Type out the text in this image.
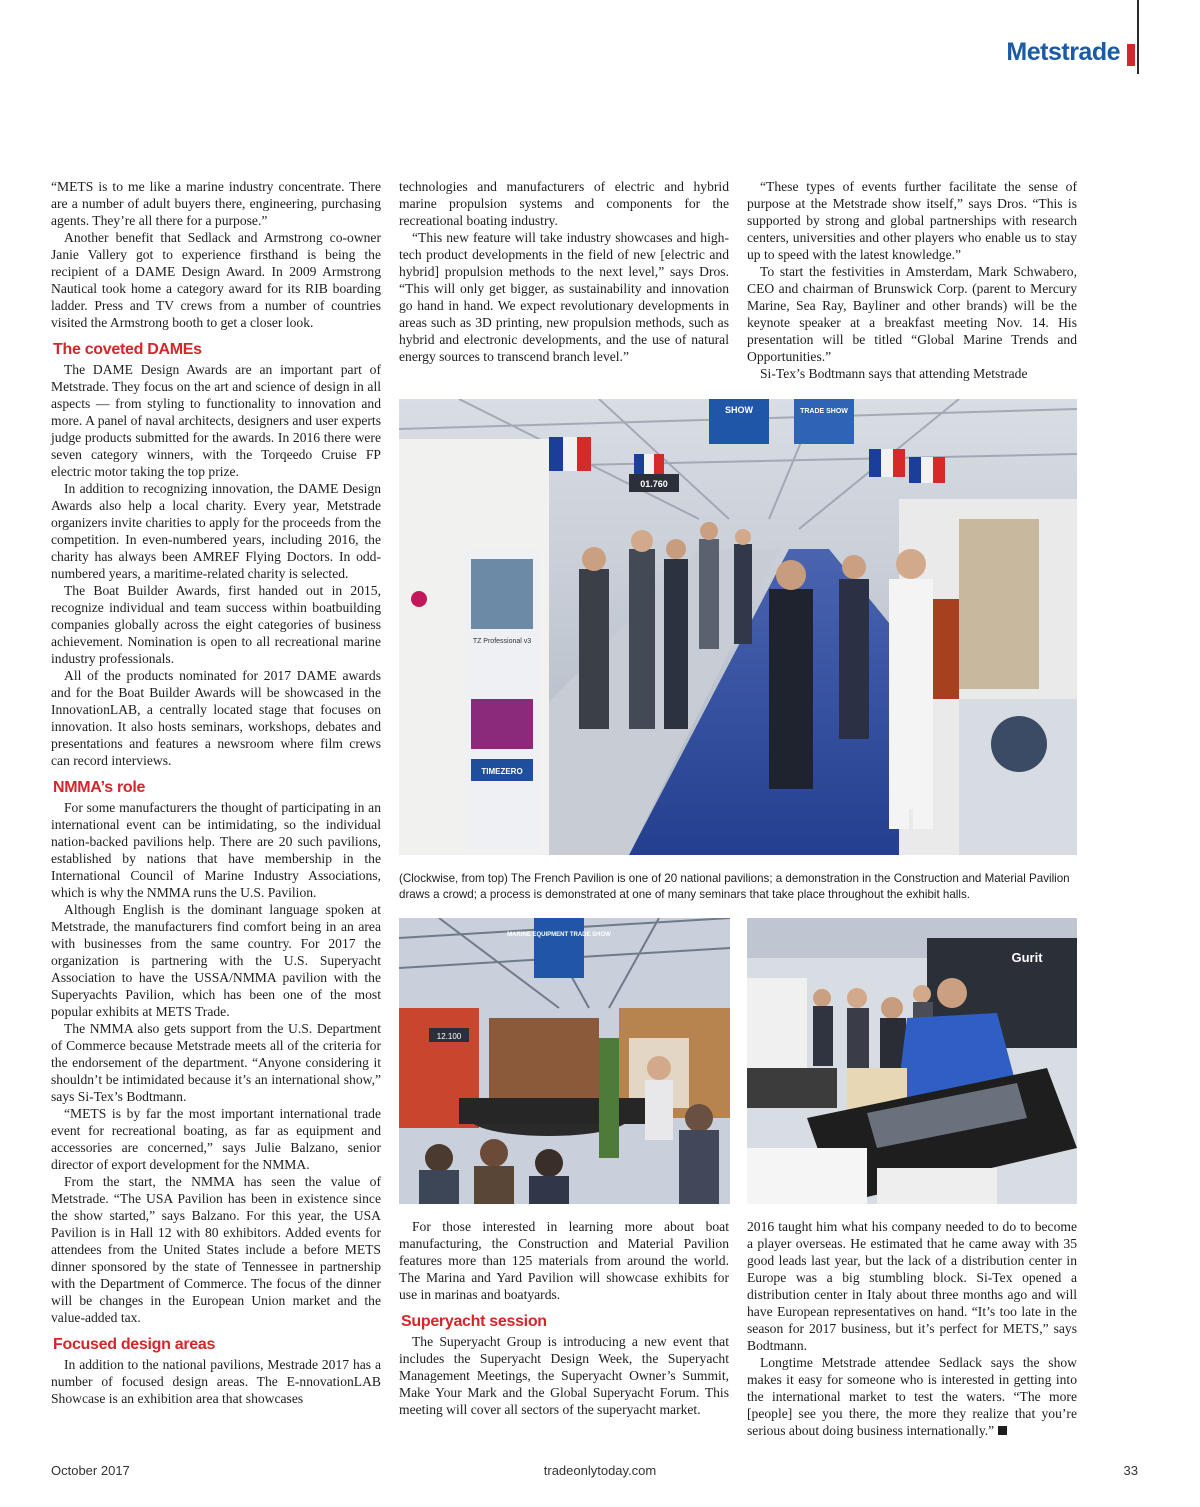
Metstrade

“METS is to me like a marine industry concentrate. There are a number of adult buyers there, engineering, purchasing agents. They’re all there for a purpose.”

Another benefit that Sedlack and Armstrong co-owner Janie Vallery got to experience firsthand is being the recipient of a DAME Design Award. In 2009 Armstrong Nautical took home a category award for its RIB boarding ladder. Press and TV crews from a number of countries visited the Armstrong booth to get a closer look.

The coveted DAMEs

The DAME Design Awards are an important part of Metstrade. They focus on the art and science of design in all aspects — from styling to functionality to innovation and more. A panel of naval architects, designers and user experts judge products submitted for the awards. In 2016 there were seven category winners, with the Torqeedo Cruise FP electric motor taking the top prize.

In addition to recognizing innovation, the DAME Design Awards also help a local charity. Every year, Metstrade organizers invite charities to apply for the proceeds from the competition. In even-numbered years, including 2016, the charity has always been AMREF Flying Doctors. In odd-numbered years, a maritime-related charity is selected.

The Boat Builder Awards, first handed out in 2015, recognize individual and team success within boatbuilding companies globally across the eight categories of business achievement. Nomination is open to all recreational marine industry professionals.

All of the products nominated for 2017 DAME awards and for the Boat Builder Awards will be showcased in the InnovationLAB, a centrally located stage that focuses on innovation. It also hosts seminars, workshops, debates and presentations and features a newsroom where film crews can record interviews.

NMMA’s role

For some manufacturers the thought of participating in an international event can be intimidating, so the individual nation-backed pavilions help. There are 20 such pavilions, established by nations that have membership in the International Council of Marine Industry Associations, which is why the NMMA runs the U.S. Pavilion.

Although English is the dominant language spoken at Metstrade, the manufacturers find comfort being in an area with businesses from the same country. For 2017 the organization is partnering with the U.S. Superyacht Association to have the USSA/NMMA pavilion with the Superyachts Pavilion, which has been one of the most popular exhibits at METS Trade.

The NMMA also gets support from the U.S. Department of Commerce because Metstrade meets all of the criteria for the endorsement of the department. “Anyone considering it shouldn’t be intimidated because it’s an international show,” says Si-Tex’s Bodtmann.

“METS is by far the most important international trade event for recreational boating, as far as equipment and accessories are concerned,” says Julie Balzano, senior director of export development for the NMMA.

From the start, the NMMA has seen the value of Metstrade. “The USA Pavilion has been in existence since the show started,” says Balzano. For this year, the USA Pavilion is in Hall 12 with 80 exhibitors. Added events for attendees from the United States include a before METS dinner sponsored by the state of Tennessee in partnership with the Department of Commerce. The focus of the dinner will be changes in the European Union market and the value-added tax.

Focused design areas

In addition to the national pavilions, Mestrade 2017 has a number of focused design areas. The E-nnovationLAB Showcase is an exhibition area that showcases

technologies and manufacturers of electric and hybrid marine propulsion systems and components for the recreational boating industry.

“This new feature will take industry showcases and high-tech product developments in the field of new [electric and hybrid] propulsion methods to the next level,” says Dros. “This will only get bigger, as sustainability and innovation go hand in hand. We expect revolutionary developments in areas such as 3D printing, new propulsion methods, such as hybrid and electronic developments, and the use of natural energy sources to transcend branch level.”

“These types of events further facilitate the sense of purpose at the Metstrade show itself,” says Dros. “This is supported by strong and global partnerships with research centers, universities and other players who enable us to stay up to speed with the latest knowledge.”

To start the festivities in Amsterdam, Mark Schwabero, CEO and chairman of Brunswick Corp. (parent to Mercury Marine, Sea Ray, Bayliner and other brands) will be the keynote speaker at a breakfast meeting Nov. 14. His presentation will be titled “Global Marine Trends and Opportunities.”

Si-Tex’s Bodtmann says that attending Metstrade

SHOW	TRADE SHOW
01.760
TZ Professional v3
TIMEZERO
(Clockwise, from top) The French Pavilion is one of 20 national pavilions; a demonstration in the Construction and Material Pavilion draws a crowd; a process is demonstrated at one of many seminars that take place throughout the exhibit halls.
MARINE EQUIPMENT TRADE SHOW
12.100
Gurit

For those interested in learning more about boat manufacturing, the Construction and Material Pavilion features more than 125 materials from around the world. The Marina and Yard Pavilion will showcase exhibits for use in marinas and boatyards.

Superyacht session

The Superyacht Group is introducing a new event that includes the Superyacht Design Week, the Superyacht Management Meetings, the Superyacht Owner’s Summit, Make Your Mark and the Global Superyacht Forum. This meeting will cover all sectors of the superyacht market.

2016 taught him what his company needed to do to become a player overseas. He estimated that he came away with 35 good leads last year, but the lack of a distribution center in Europe was a big stumbling block. Si-Tex opened a distribution center in Italy about three months ago and will have European representatives on hand. “It’s too late in the season for 2017 business, but it’s perfect for METS,” says Bodtmann.

Longtime Metstrade attendee Sedlack says the show makes it easy for someone who is interested in getting into the international market to test the waters. “The more [people] see you there, the more they realize that you’re serious about doing business internationally.”

October 2017	tradeonlytoday.com	33
